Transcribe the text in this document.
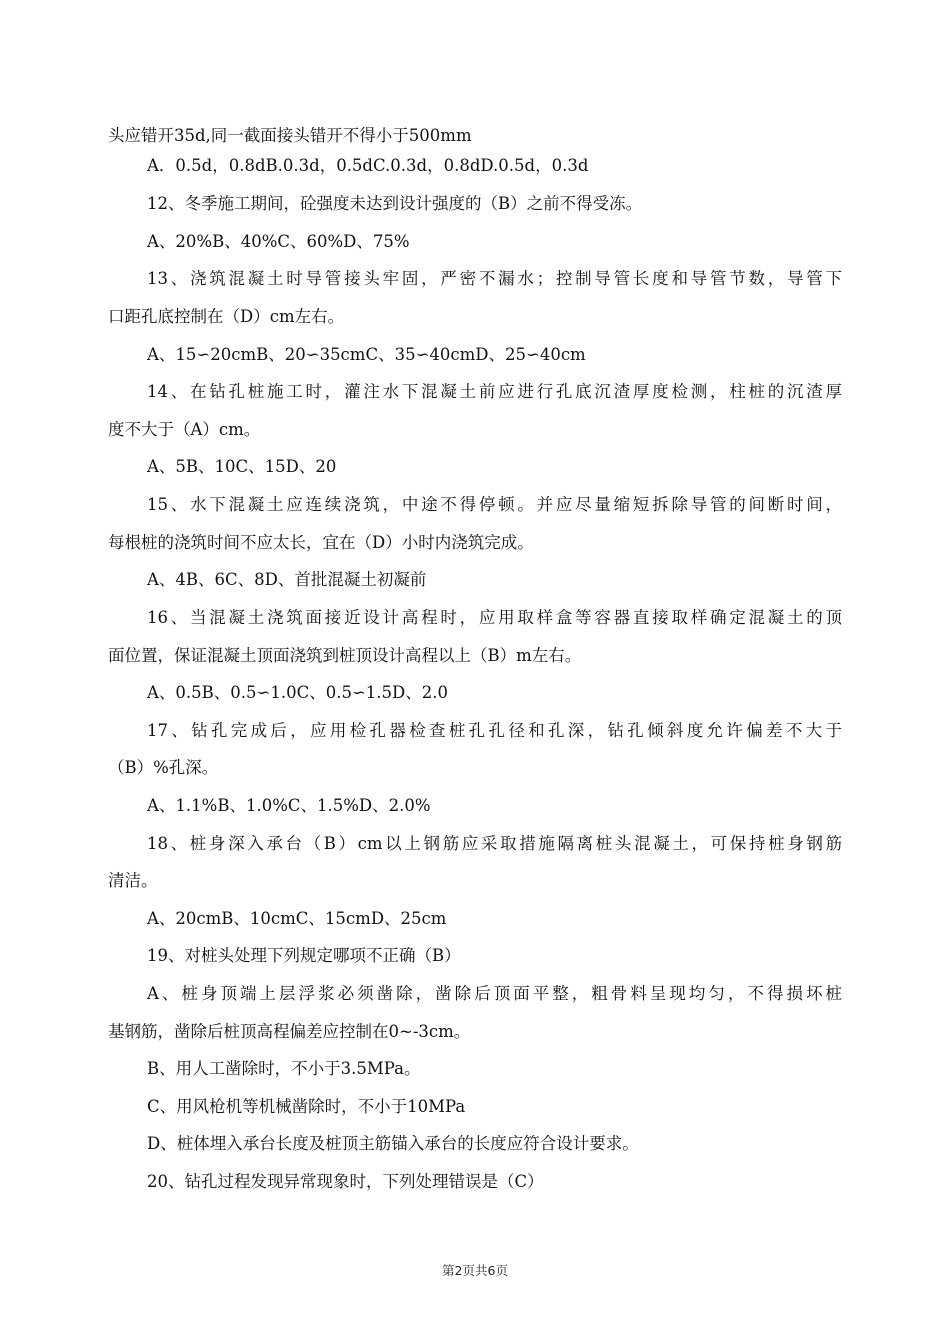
头应错开35d,同一截面接头错开不得小于500mm
A．0.5d，0.8dB.0.3d，0.5dC.0.3d，0.8dD.0.5d，0.3d
12、冬季施工期间，砼强度未达到设计强度的（B）之前不得受冻。
A、20%B、40%C、60%D、75%
13、浇筑混凝土时导管接头牢固，严密不漏水；控制导管长度和导管节数，导管下
口距孔底控制在（D）cm左右。
A、15∽20cmB、20∽35cmC、35∽40cmD、25∽40cm
14、在钻孔桩施工时，灌注水下混凝土前应进行孔底沉渣厚度检测，柱桩的沉渣厚
度不大于（A）cm。
A、5B、10C、15D、20
15、水下混凝土应连续浇筑，中途不得停顿。并应尽量缩短拆除导管的间断时间，
每根桩的浇筑时间不应太长，宜在（D）小时内浇筑完成。
A、4B、6C、8D、首批混凝土初凝前
16、当混凝土浇筑面接近设计高程时，应用取样盒等容器直接取样确定混凝土的顶
面位置，保证混凝土顶面浇筑到桩顶设计高程以上（B）m左右。
A、0.5B、0.5∽1.0C、0.5∽1.5D、2.0
17、钻孔完成后，应用检孔器检查桩孔孔径和孔深，钻孔倾斜度允许偏差不大于
（B）%孔深。
A、1.1%B、1.0%C、1.5%D、2.0%
18、桩身深入承台（B）cm以上钢筋应采取措施隔离桩头混凝土，可保持桩身钢筋
清洁。
A、20cmB、10cmC、15cmD、25cm
19、对桩头处理下列规定哪项不正确（B）
A、桩身顶端上层浮浆必须凿除，凿除后顶面平整，粗骨料呈现均匀，不得损坏桩
基钢筋，凿除后桩顶高程偏差应控制在0~-3cm。
B、用人工凿除时，不小于3.5MPa。
C、用风枪机等机械凿除时，不小于10MPa
D、桩体埋入承台长度及桩顶主筋锚入承台的长度应符合设计要求。
20、钻孔过程发现异常现象时，下列处理错误是（C）
第2页共6页
